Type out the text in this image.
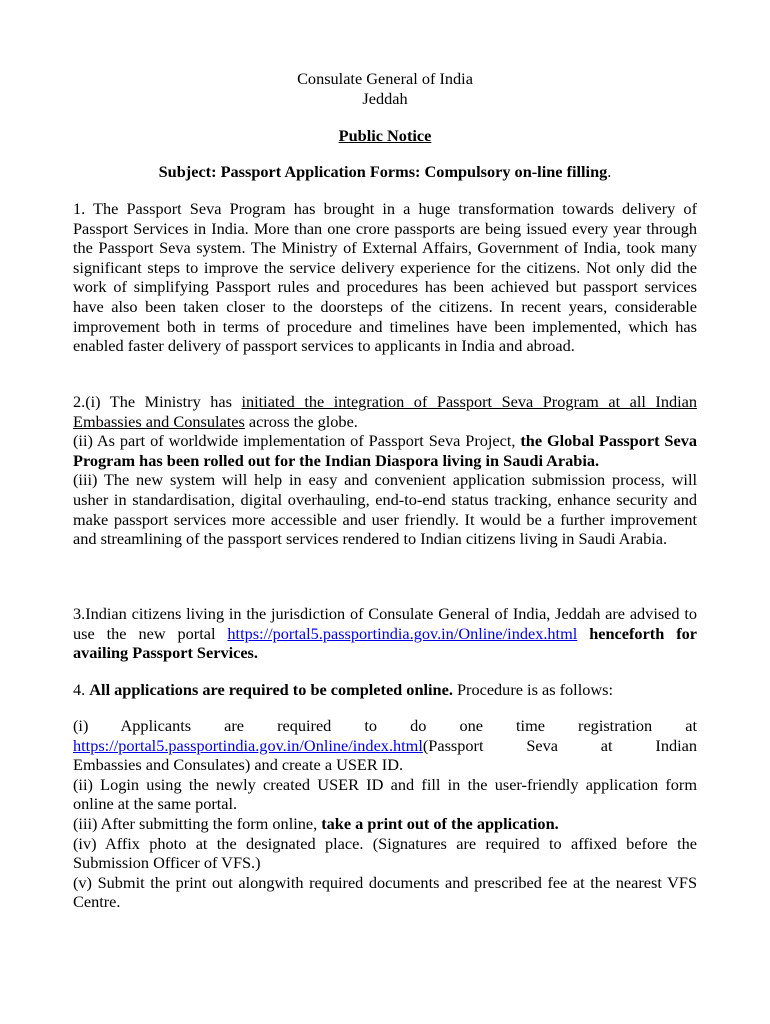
Consulate General of India

Jeddah

Public Notice

Subject: Passport Application Forms: Compulsory on-line filling.

1. The Passport Seva Program has brought in a huge transformation towards delivery of Passport Services in India. More than one crore passports are being issued every year through the Passport Seva system. The Ministry of External Affairs, Government of India, took many significant steps to improve the service delivery experience for the citizens. Not only did the work of simplifying Passport rules and procedures has been achieved but passport services have also been taken closer to the doorsteps of the citizens. In recent years, considerable improvement both in terms of procedure and timelines have been implemented, which has enabled faster delivery of passport services to applicants in India and abroad.

2.(i) The Ministry has initiated the integration of Passport Seva Program at all Indian Embassies and Consulates across the globe.

(ii) As part of worldwide implementation of Passport Seva Project, the Global Passport Seva Program has been rolled out for the Indian Diaspora living in Saudi Arabia.

(iii) The new system will help in easy and convenient application submission process, will usher in standardisation, digital overhauling, end-to-end status tracking, enhance security and make passport services more accessible and user friendly. It would be a further improvement and streamlining of the passport services rendered to Indian citizens living in Saudi Arabia.

3.Indian citizens living in the jurisdiction of Consulate General of India, Jeddah are advised to use the new portal https://portal5.passportindia.gov.in/Online/index.html henceforth for availing Passport Services.

4. All applications are required to be completed online. Procedure is as follows:

(i) Applicants are required to do one time registration at

https://portal5.passportindia.gov.in/Online/index.html(Passport Seva at Indian

Embassies and Consulates) and create a USER ID.

(ii) Login using the newly created USER ID and fill in the user-friendly application form online at the same portal.

(iii) After submitting the form online, take a print out of the application.

(iv) Affix photo at the designated place. (Signatures are required to affixed before the Submission Officer of VFS.)

(v) Submit the print out alongwith required documents and prescribed fee at the nearest VFS Centre.
